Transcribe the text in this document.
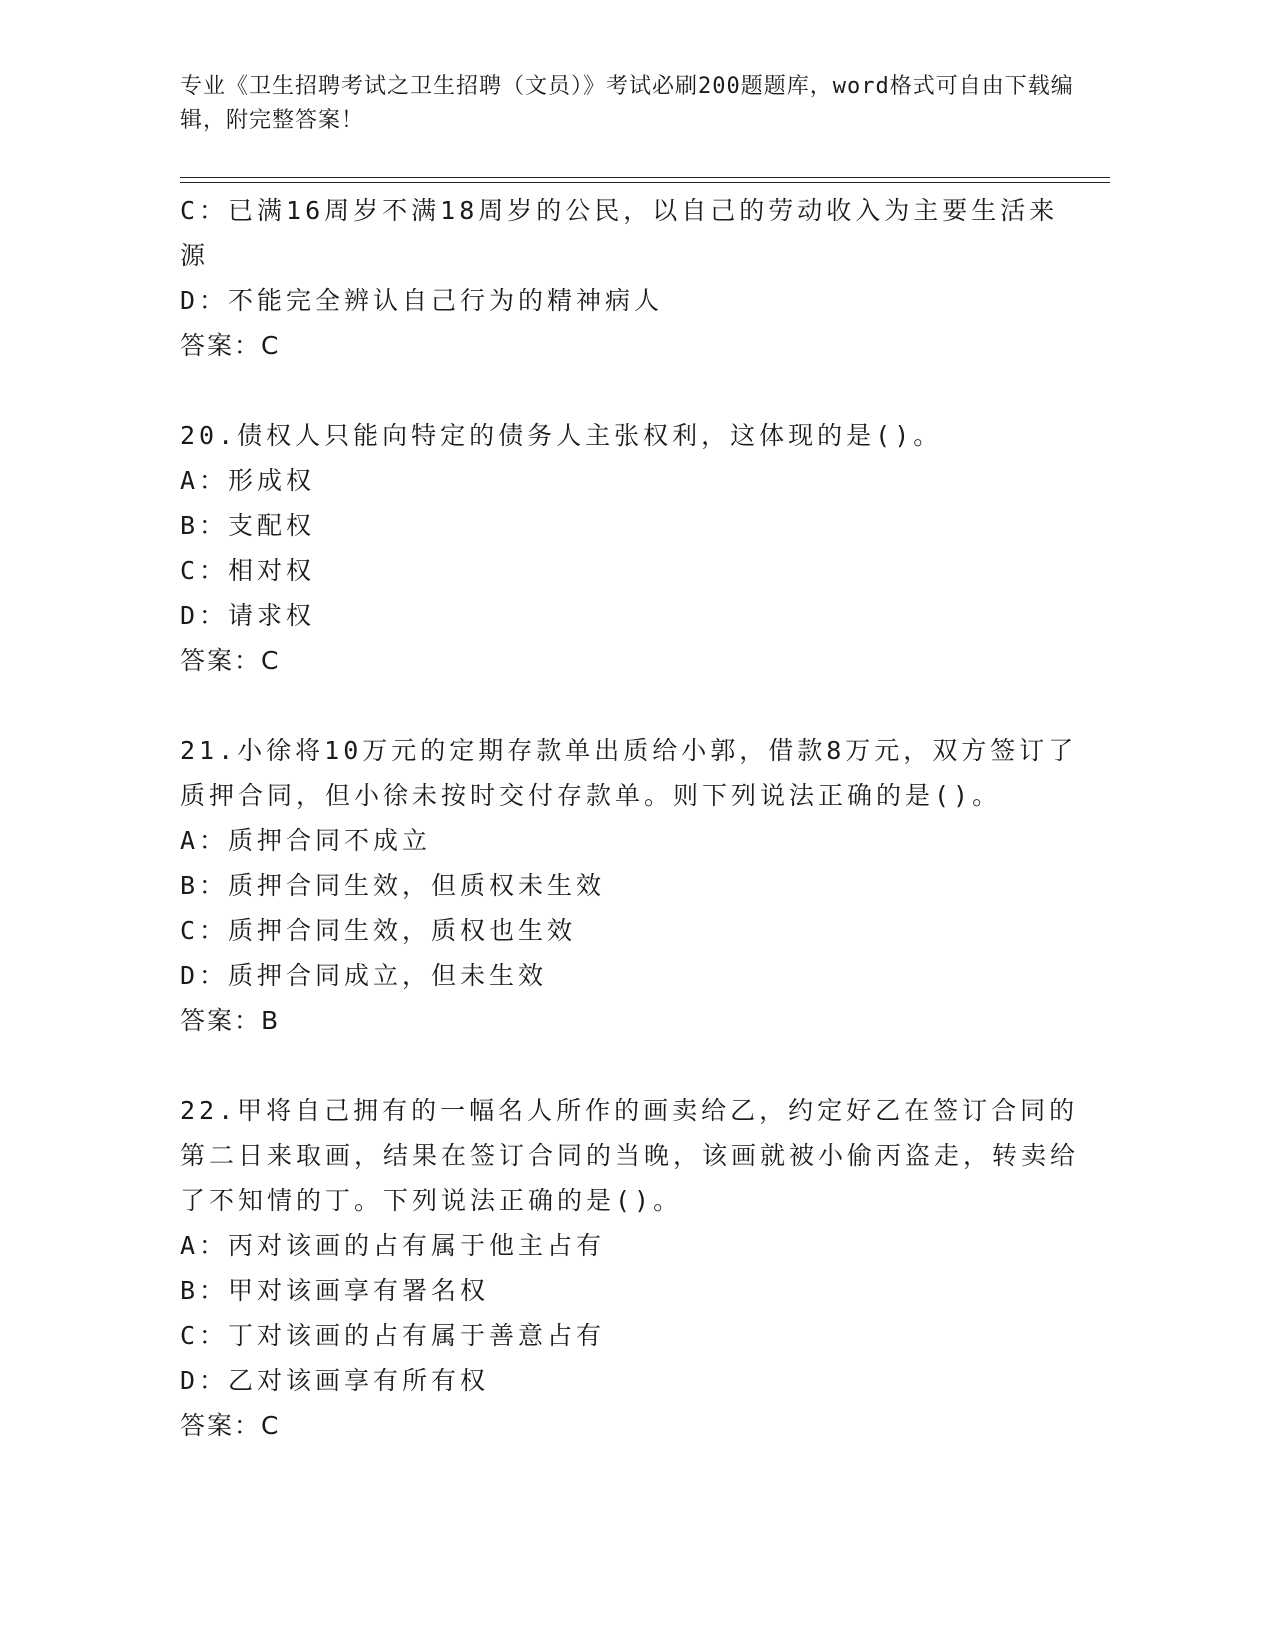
专业《卫生招聘考试之卫生招聘（文员）》考试必刷200题题库，word格式可自由下载编辑，附完整答案！
C：已满16周岁不满18周岁的公民，以自己的劳动收入为主要生活来源
D：不能完全辨认自己行为的精神病人
答案：C
20.债权人只能向特定的债务人主张权利，这体现的是()。
A：形成权
B：支配权
C：相对权
D：请求权
答案：C
21.小徐将10万元的定期存款单出质给小郭，借款8万元，双方签订了质押合同，但小徐未按时交付存款单。则下列说法正确的是()。
A：质押合同不成立
B：质押合同生效，但质权未生效
C：质押合同生效，质权也生效
D：质押合同成立，但未生效
答案：B
22.甲将自己拥有的一幅名人所作的画卖给乙，约定好乙在签订合同的第二日来取画，结果在签订合同的当晚，该画就被小偷丙盗走，转卖给了不知情的丁。下列说法正确的是()。
A：丙对该画的占有属于他主占有
B：甲对该画享有署名权
C：丁对该画的占有属于善意占有
D：乙对该画享有所有权
答案：C
